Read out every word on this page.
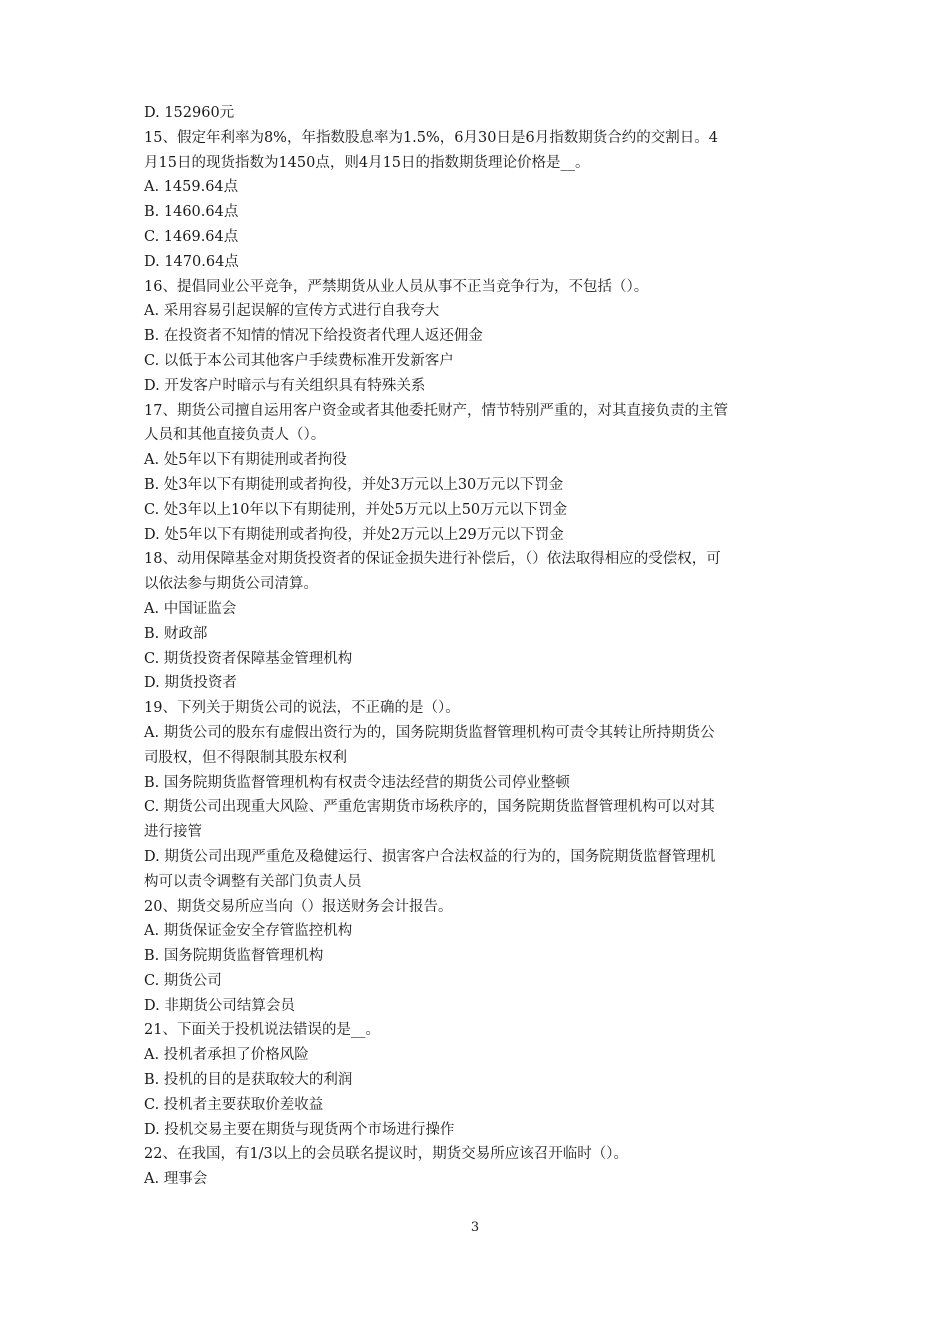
D. 152960元
15、假定年利率为8%，年指数股息率为1.5%，6月30日是6月指数期货合约的交割日。4
月15日的现货指数为1450点，则4月15日的指数期货理论价格是__。
A. 1459.64点
B. 1460.64点
C. 1469.64点
D. 1470.64点
16、提倡同业公平竞争，严禁期货从业人员从事不正当竞争行为，不包括（）。
A. 采用容易引起误解的宣传方式进行自我夸大
B. 在投资者不知情的情况下给投资者代理人返还佣金
C. 以低于本公司其他客户手续费标准开发新客户
D. 开发客户时暗示与有关组织具有特殊关系
17、期货公司擅自运用客户资金或者其他委托财产，情节特别严重的，对其直接负责的主管
人员和其他直接负责人（）。
A. 处5年以下有期徒刑或者拘役
B. 处3年以下有期徒刑或者拘役，并处3万元以上30万元以下罚金
C. 处3年以上10年以下有期徒刑，并处5万元以上50万元以下罚金
D. 处5年以下有期徒刑或者拘役，并处2万元以上29万元以下罚金
18、动用保障基金对期货投资者的保证金损失进行补偿后，（）依法取得相应的受偿权，可
以依法参与期货公司清算。
A. 中国证监会
B. 财政部
C. 期货投资者保障基金管理机构
D. 期货投资者
19、下列关于期货公司的说法，不正确的是（）。
A. 期货公司的股东有虚假出资行为的，国务院期货监督管理机构可责令其转让所持期货公
司股权，但不得限制其股东权利
B. 国务院期货监督管理机构有权责令违法经营的期货公司停业整顿
C. 期货公司出现重大风险、严重危害期货市场秩序的，国务院期货监督管理机构可以对其
进行接管
D. 期货公司出现严重危及稳健运行、损害客户合法权益的行为的，国务院期货监督管理机
构可以责令调整有关部门负责人员
20、期货交易所应当向（）报送财务会计报告。
A. 期货保证金安全存管监控机构
B. 国务院期货监督管理机构
C. 期货公司
D. 非期货公司结算会员
21、下面关于投机说法错误的是__。
A. 投机者承担了价格风险
B. 投机的目的是获取较大的利润
C. 投机者主要获取价差收益
D. 投机交易主要在期货与现货两个市场进行操作
22、在我国，有1/3以上的会员联名提议时，期货交易所应该召开临时（）。
A. 理事会
3
